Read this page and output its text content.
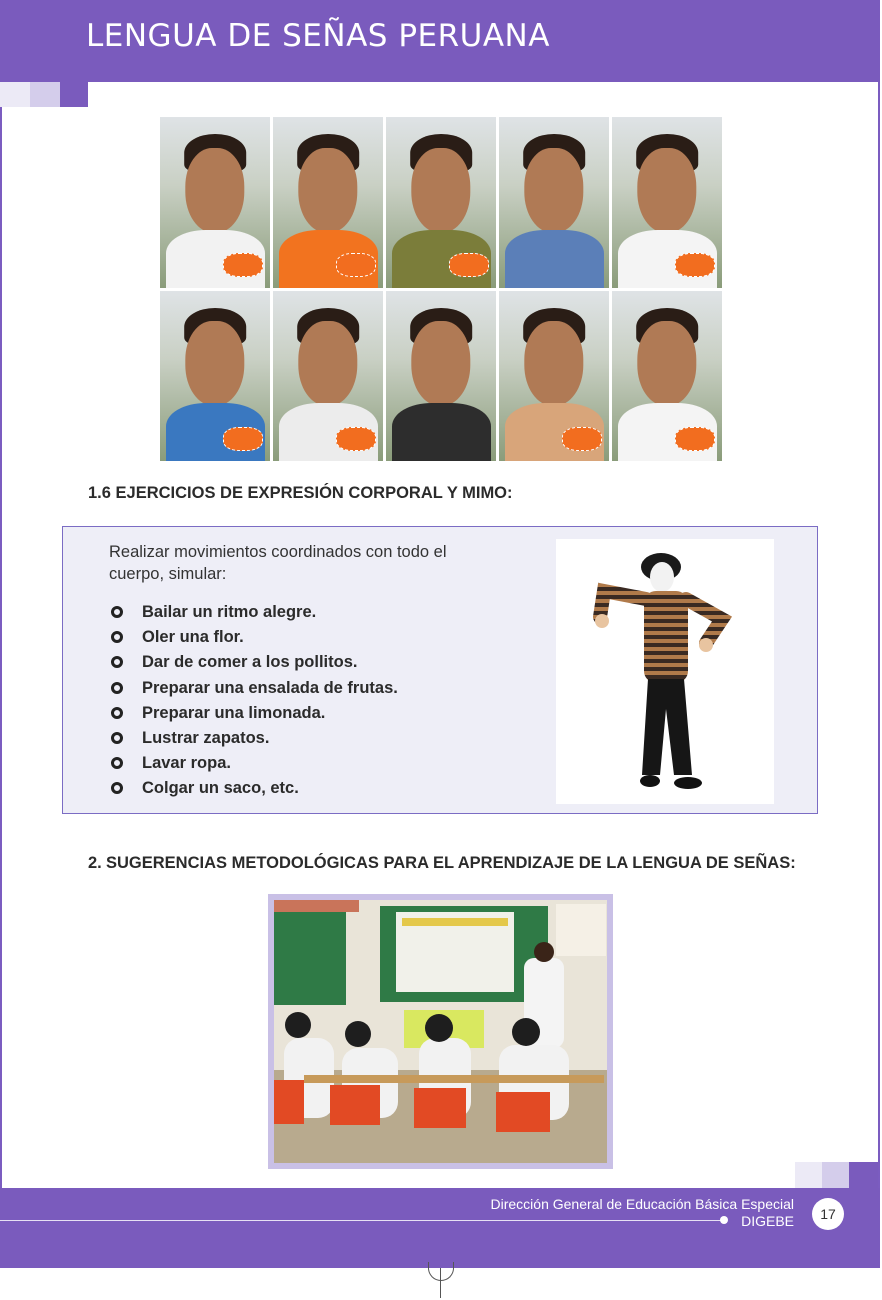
LENGUA DE SEÑAS PERUANA
1.6 EJERCICIOS DE EXPRESIÓN CORPORAL Y MIMO:
Realizar movimientos coordinados con todo el cuerpo, simular:
Bailar un ritmo alegre.
Oler una flor.
Dar de comer a los pollitos.
Preparar una ensalada de frutas.
Preparar una limonada.
Lustrar zapatos.
Lavar ropa.
Colgar un saco, etc.
2. SUGERENCIAS METODOLÓGICAS PARA EL APRENDIZAJE DE LA LENGUA DE SEÑAS:
Dirección General de Educación Básica Especial
DIGEBE	17
